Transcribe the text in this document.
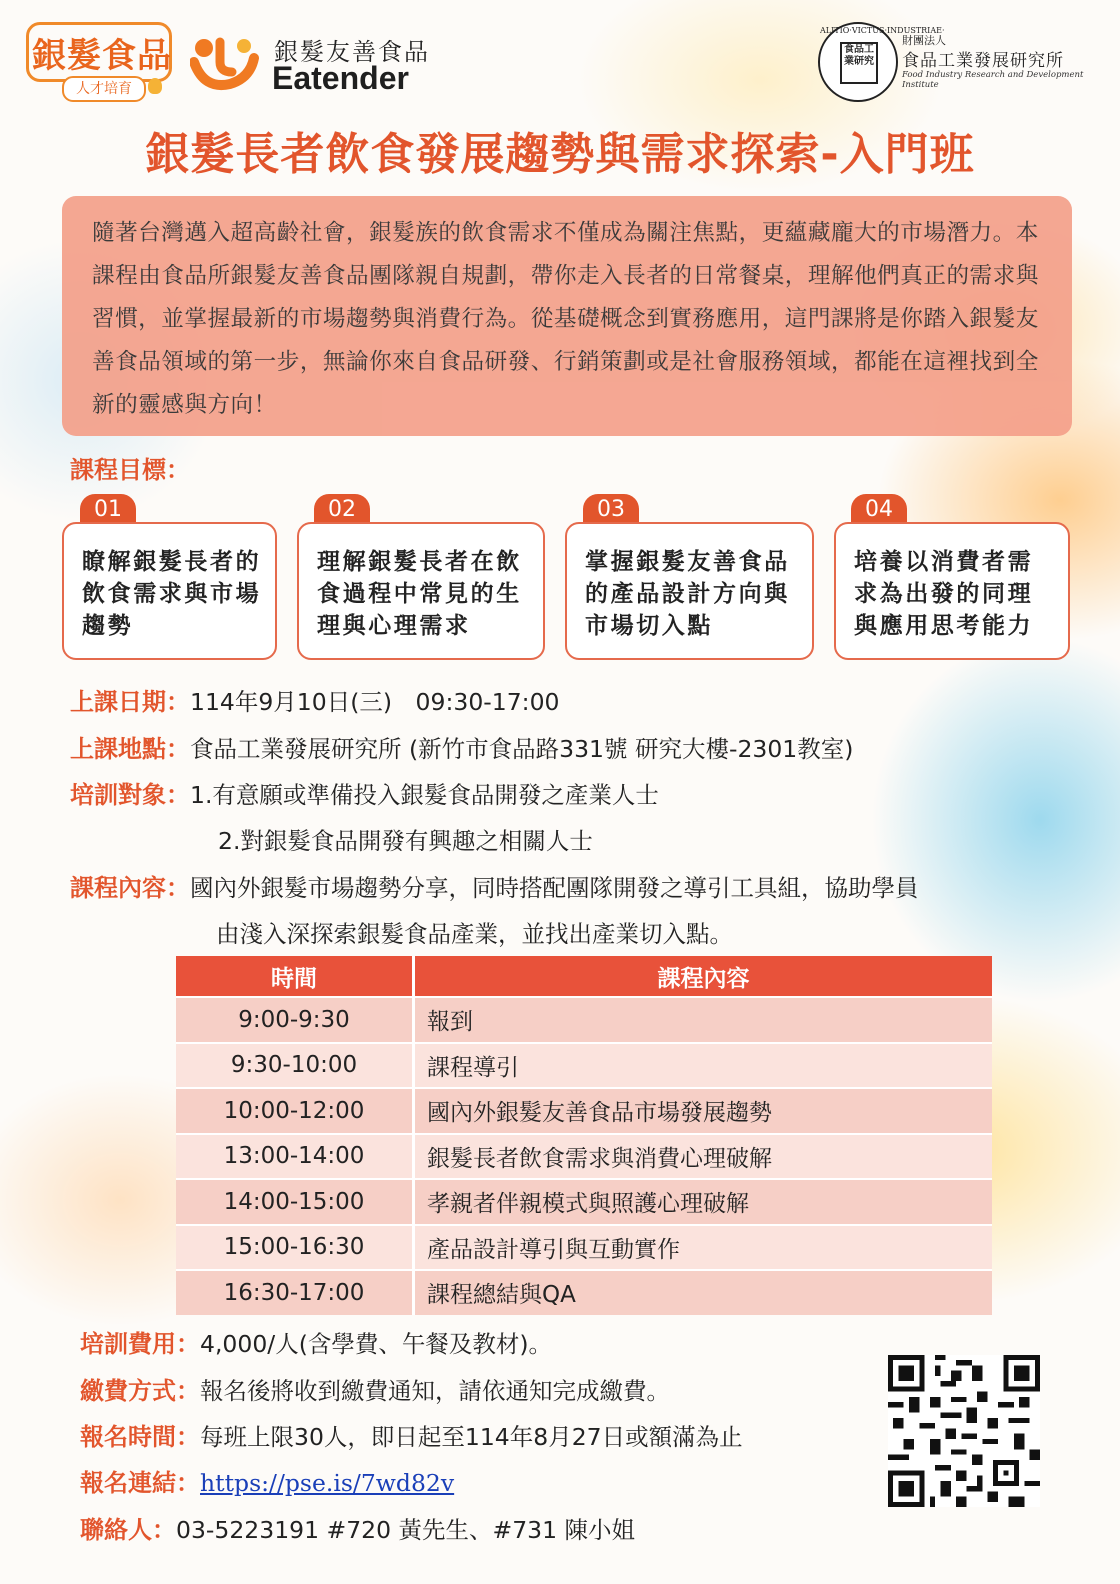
銀髮食品
人才培育
銀髮友善食品
Eatender
ALITIO·VICTUS·INDUSTRIAE·
食品工業研究
財團法人
食品工業發展研究所
Food Industry Research and Development Institute
銀髮長者飲食發展趨勢與需求探索-入門班

隨著台灣邁入超高齡社會，銀髮族的飲食需求不僅成為關注焦點，更蘊藏龐大的市場潛力。本課程由食品所銀髮友善食品團隊親自規劃，帶你走入長者的日常餐桌，理解他們真正的需求與習慣，並掌握最新的市場趨勢與消費行為。從基礎概念到實務應用，這門課將是你踏入銀髮友善食品領域的第一步，無論你來自食品研發、行銷策劃或是社會服務領域，都能在這裡找到全新的靈感與方向！

課程目標：
01
瞭解銀髮長者的飲食需求與市場趨勢
02
理解銀髮長者在飲食過程中常見的生理與心理需求
03
掌握銀髮友善食品的產品設計方向與市場切入點
04
培養以消費者需求為出發的同理與應用思考能力
上課日期：114年9月10日(三)　09:30-17:00
上課地點：食品工業發展研究所 (新竹市食品路331號 研究大樓-2301教室)
培訓對象：1.有意願或準備投入銀髮食品開發之產業人士
2.對銀髮食品開發有興趣之相關人士
課程內容：國內外銀髮市場趨勢分享，同時搭配團隊開發之導引工具組，協助學員
由淺入深探索銀髮食品產業，並找出產業切入點。
時間	課程內容
9:00-9:30	報到
9:30-10:00	課程導引
10:00-12:00	國內外銀髮友善食品市場發展趨勢
13:00-14:00	銀髮長者飲食需求與消費心理破解
14:00-15:00	孝親者伴親模式與照護心理破解
15:00-16:30	產品設計導引與互動實作
16:30-17:00	課程總結與QA
培訓費用：4,000/人(含學費、午餐及教材)。
繳費方式：報名後將收到繳費通知，請依通知完成繳費。
報名時間：每班上限30人，即日起至114年8月27日或額滿為止
報名連結：https://pse.is/7wd82v
聯絡人：03-5223191 #720 黃先生、#731 陳小姐
